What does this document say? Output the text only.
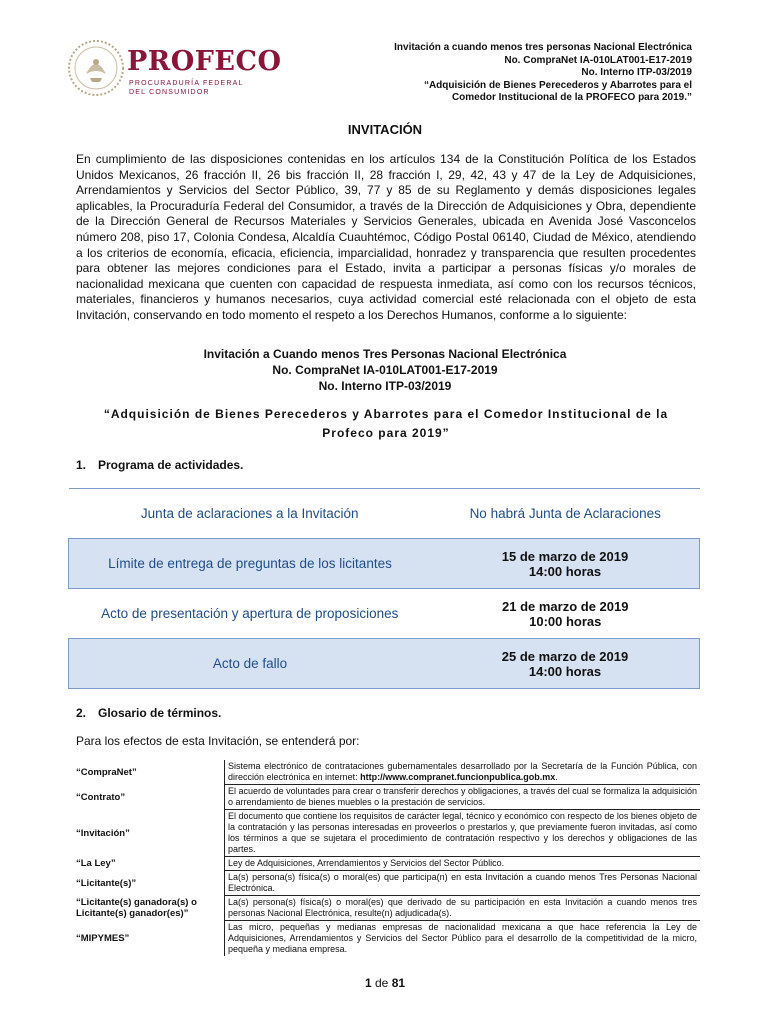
PROFECO
PROCURADURÍA FEDERAL
DEL CONSUMIDOR
Invitación a cuando menos tres personas Nacional Electrónica
No. CompraNet IA-010LAT001-E17-2019
No. Interno ITP-03/2019
“Adquisición de Bienes Perecederos y Abarrotes para el
Comedor Institucional de la PROFECO para 2019.”
INVITACIÓN
En cumplimiento de las disposiciones contenidas en los artículos 134 de la Constitución Política de los Estados Unidos Mexicanos, 26 fracción II, 26 bis fracción II, 28 fracción I, 29, 42, 43 y 47 de la Ley de Adquisiciones, Arrendamientos y Servicios del Sector Público, 39, 77 y 85 de su Reglamento y demás disposiciones legales aplicables, la Procuraduría Federal del Consumidor, a través de la Dirección de Adquisiciones y Obra, dependiente de la Dirección General de Recursos Materiales y Servicios Generales, ubicada en Avenida José Vasconcelos número 208, piso 17, Colonia Condesa, Alcaldía Cuauhtémoc, Código Postal 06140, Ciudad de México, atendiendo a los criterios de economía, eficacia, eficiencia, imparcialidad, honradez y transparencia que resulten procedentes para obtener las mejores condiciones para el Estado, invita a participar a personas físicas y/o morales de nacionalidad mexicana que cuenten con capacidad de respuesta inmediata, así como con los recursos técnicos, materiales, financieros y humanos necesarios, cuya actividad comercial esté relacionada con el objeto de esta Invitación, conservando en todo momento el respeto a los Derechos Humanos, conforme a lo siguiente:
Invitación a Cuando menos Tres Personas Nacional Electrónica
No. CompraNet IA-010LAT001-E17-2019
No. Interno ITP-03/2019
“Adquisición de Bienes Perecederos y Abarrotes para el Comedor Institucional de la
Profeco para 2019”
1. Programa de actividades.
Junta de aclaraciones a la Invitación	No habrá Junta de Aclaraciones

Límite de entrega de preguntas de los licitantes	15 de marzo de 2019
14:00 horas

Acto de presentación y apertura de proposiciones	21 de marzo de 2019
10:00 horas

Acto de fallo	25 de marzo de 2019
14:00 horas
2. Glosario de términos.
Para los efectos de esta Invitación, se entenderá por:
“CompraNet”	Sistema electrónico de contrataciones gubernamentales desarrollado por la Secretaría de la Función Pública, con dirección electrónica en internet: http://www.compranet.funcionpublica.gob.mx.
“Contrato”	El acuerdo de voluntades para crear o transferir derechos y obligaciones, a través del cual se formaliza la adquisición o arrendamiento de bienes muebles o la prestación de servicios.
“Invitación”	El documento que contiene los requisitos de carácter legal, técnico y económico con respecto de los bienes objeto de la contratación y las personas interesadas en proveerlos o prestarlos y, que previamente fueron invitadas, así como los términos a que se sujetara el procedimiento de contratación respectivo y los derechos y obligaciones de las partes.
“La Ley”	Ley de Adquisiciones, Arrendamientos y Servicios del Sector Público.
“Licitante(s)”	La(s) persona(s) física(s) o moral(es) que participa(n) en esta Invitación a cuando menos Tres Personas Nacional Electrónica.
“Licitante(s) ganadora(s) o Licitante(s) ganador(es)”	La(s) persona(s) física(s) o moral(es) que derivado de su participación en esta Invitación a cuando menos tres personas Nacional Electrónica, resulte(n) adjudicada(s).
“MIPYMES”	Las micro, pequeñas y medianas empresas de nacionalidad mexicana a que hace referencia la Ley de Adquisiciones, Arrendamientos y Servicios del Sector Público para el desarrollo de la competitividad de la micro, pequeña y mediana empresa.
1 de 81
